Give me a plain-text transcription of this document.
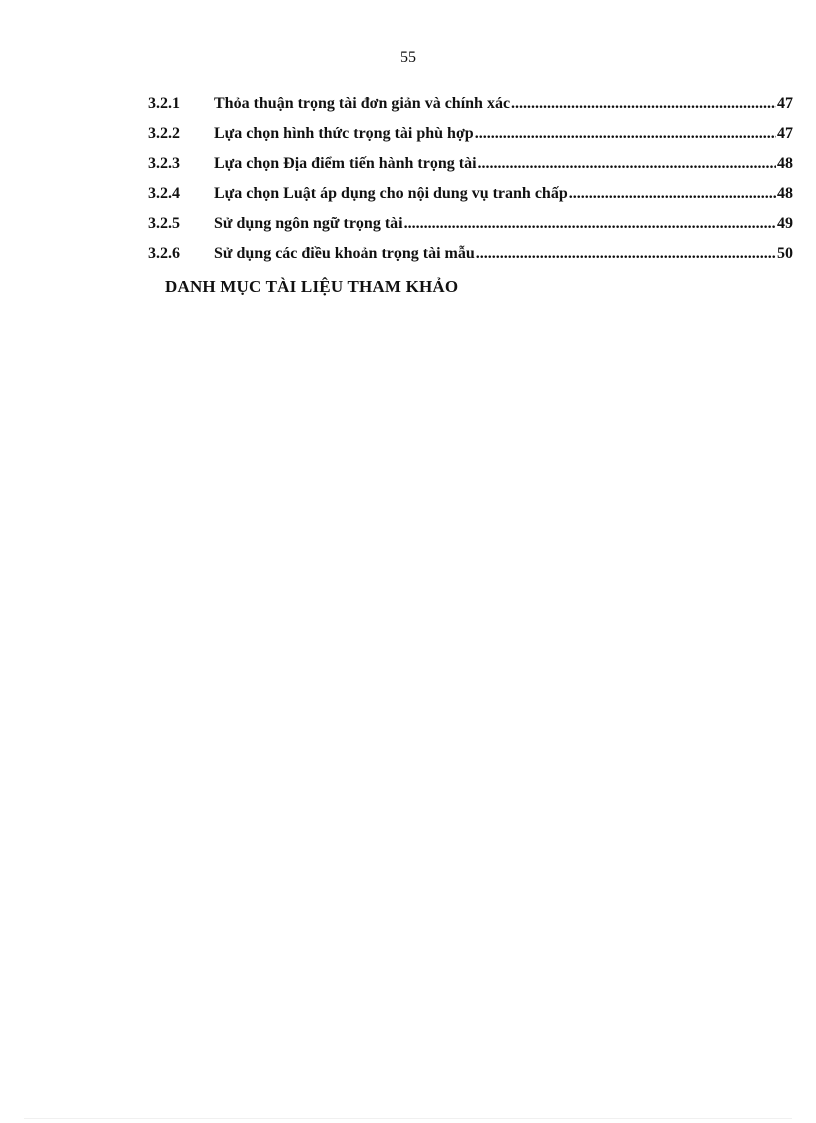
55
3.2.1	Thỏa thuận trọng tài đơn giản và chính xác .....	47
3.2.2	Lựa chọn hình thức trọng tài phù hợp .....	47
3.2.3	Lựa chọn Địa điểm tiến hành trọng tài .....	48
3.2.4	Lựa chọn Luật áp dụng cho nội dung vụ tranh chấp .....	48
3.2.5	Sử dụng ngôn ngữ trọng tài .....	49
3.2.6	Sử dụng các điều khoản trọng tài mẫu .....	50
DANH MỤC TÀI LIỆU THAM KHẢO
